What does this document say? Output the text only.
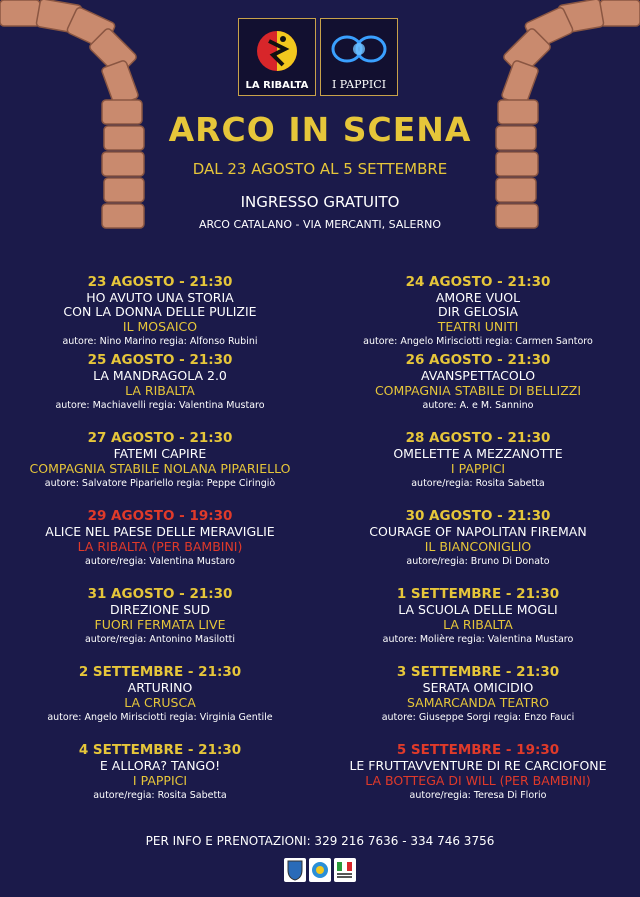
LA RIBALTA	I PAPPICI
ARCO IN SCENA
DAL 23 AGOSTO AL 5 SETTEMBRE
INGRESSO GRATUITO
ARCO CATALANO - VIA MERCANTI, SALERNO
23 AGOSTO - 21:30
HO AVUTO UNA STORIA
CON LA DONNA DELLE PULIZIE
IL MOSAICO
autore: Nino Marino regia: Alfonso Rubini
25 AGOSTO - 21:30
LA MANDRAGOLA 2.0
LA RIBALTA
autore: Machiavelli regia: Valentina Mustaro
27 AGOSTO - 21:30
FATEMI CAPIRE
COMPAGNIA STABILE NOLANA PIPARIELLO
autore: Salvatore Pipariello regia: Peppe Ciringiò
29 AGOSTO - 19:30
ALICE NEL PAESE DELLE MERAVIGLIE
LA RIBALTA (PER BAMBINI)
autore/regia: Valentina Mustaro
31 AGOSTO - 21:30
DIREZIONE SUD
FUORI FERMATA LIVE
autore/regia: Antonino Masilotti
2 SETTEMBRE - 21:30
ARTURINO
LA CRUSCA
autore: Angelo Mirisciotti regia: Virginia Gentile
4 SETTEMBRE - 21:30
E ALLORA? TANGO!
I PAPPICI
autore/regia: Rosita Sabetta
24 AGOSTO - 21:30
AMORE VUOL
DIR GELOSIA
TEATRI UNITI
autore: Angelo Mirisciotti regia: Carmen Santoro
26 AGOSTO - 21:30
AVANSPETTACOLO
COMPAGNIA STABILE DI BELLIZZI
autore: A. e M. Sannino
28 AGOSTO - 21:30
OMELETTE A MEZZANOTTE
I PAPPICI
autore/regia: Rosita Sabetta
30 AGOSTO - 21:30
COURAGE OF NAPOLITAN FIREMAN
IL BIANCONIGLIO
autore/regia: Bruno Di Donato
1 SETTEMBRE - 21:30
LA SCUOLA DELLE MOGLI
LA RIBALTA
autore: Molière regia: Valentina Mustaro
3 SETTEMBRE - 21:30
SERATA OMICIDIO
SAMARCANDA TEATRO
autore: Giuseppe Sorgi regia: Enzo Fauci
5 SETTEMBRE - 19:30
LE FRUTTAVVENTURE DI RE CARCIOFONE
LA BOTTEGA DI WILL (PER BAMBINI)
autore/regia: Teresa Di Florio
PER INFO E PRENOTAZIONI: 329 216 7636 - 334 746 3756
